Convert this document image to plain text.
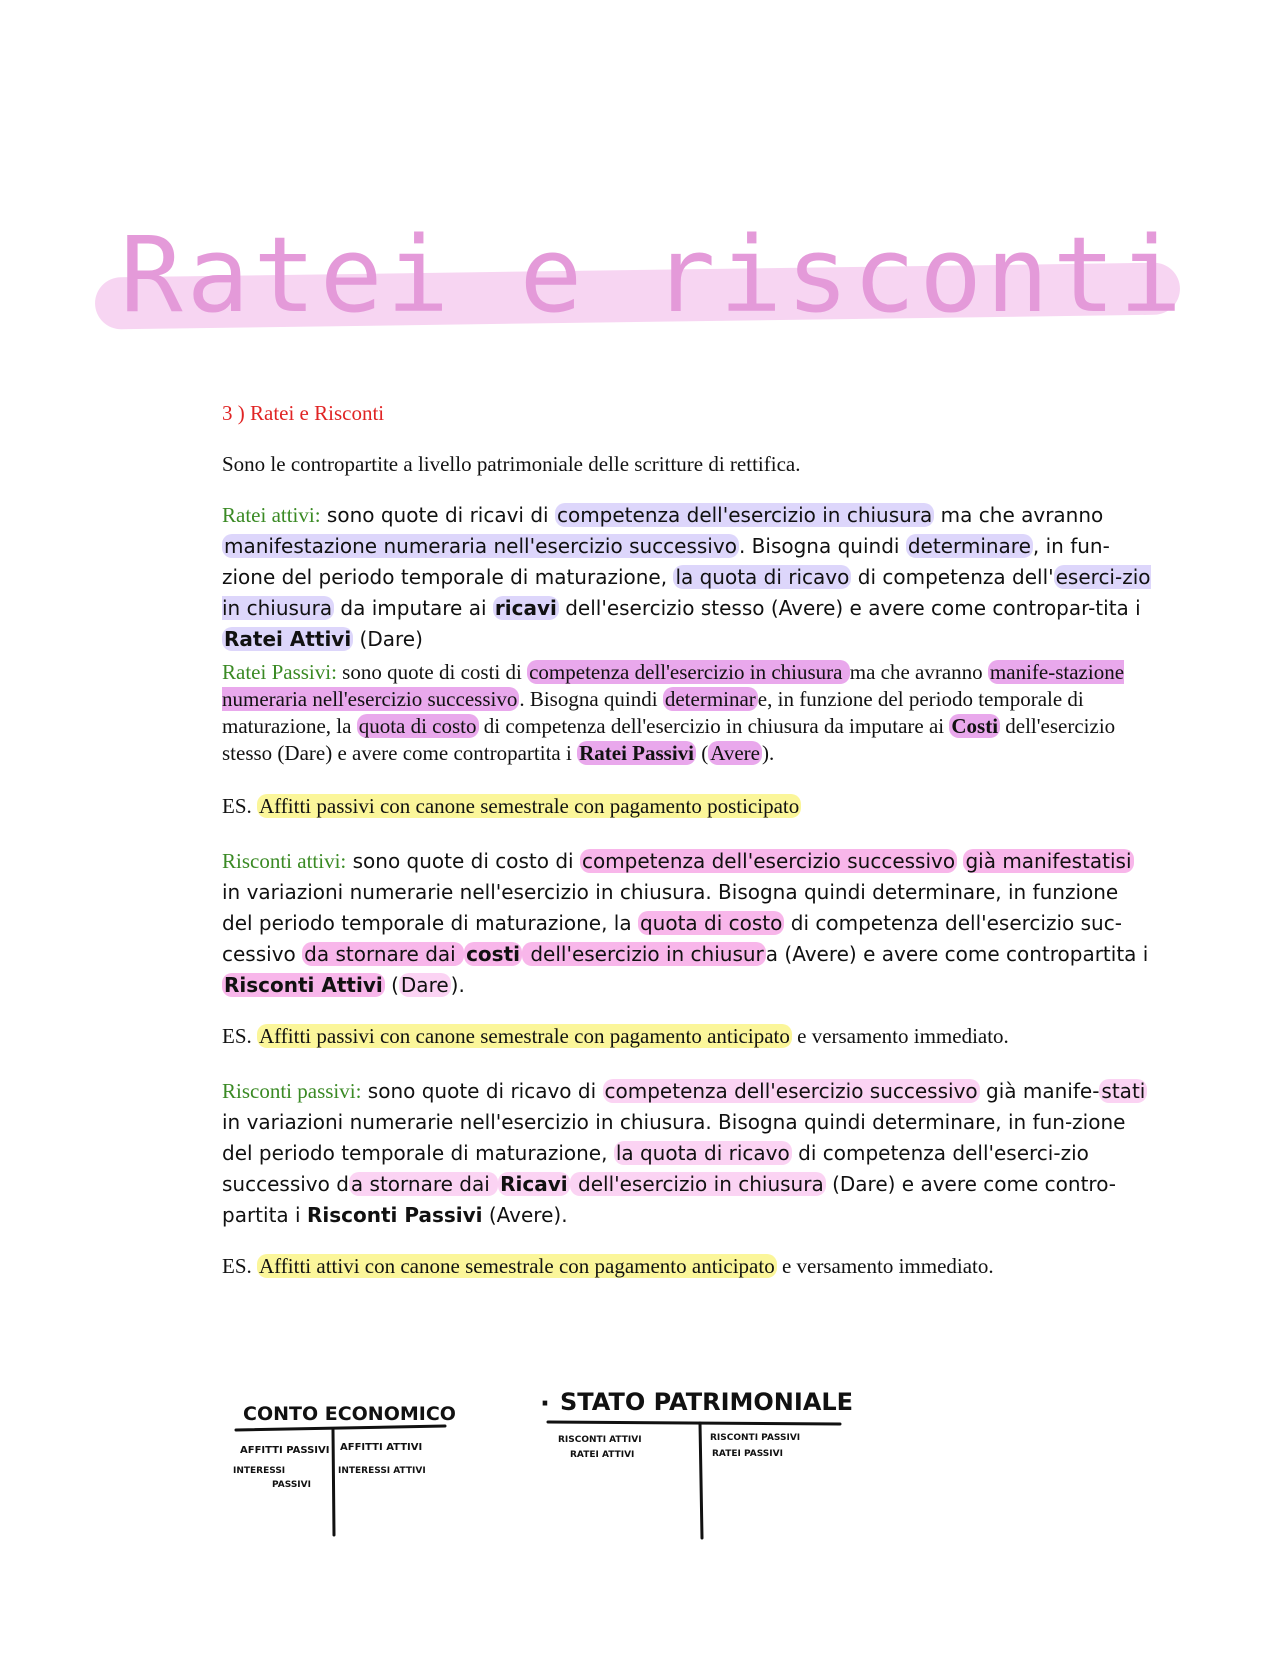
Ratei e risconti

3 ) Ratei e Risconti

Sono le contropartite a livello patrimoniale delle scritture di rettifica.

Ratei attivi: sono quote di ricavi di competenza dell'esercizio in chiusura ma che avranno manifestazione numeraria nell'esercizio successivo . Bisogna quindi determinare , in fun-zione del periodo temporale di maturazione, la quota di ricavo di competenza dell' eserci-zio in chiusura da imputare ai ricavi dell'esercizio stesso (Avere) e avere come contropar-tita i Ratei Attivi (Dare)

Ratei Passivi: sono quote di costi di competenza dell'esercizio in chiusura ma che avranno manife-stazione numeraria nell'esercizio successivo. Bisogna quindi determinare, in funzione del periodo temporale di maturazione, la quota di costo di competenza dell'esercizio in chiusura da imputare ai Costi dell'esercizio stesso (Dare) e avere come contropartita i Ratei Passivi (Avere).

ES. Affitti passivi con canone semestrale con pagamento posticipato

Risconti attivi: sono quote di costo di competenza dell'esercizio successivo già manifestatisi in variazioni numerarie nell'esercizio in chiusura. Bisogna quindi determinare, in funzione del periodo temporale di maturazione, la quota di costo di competenza dell'esercizio suc-cessivo da stornare dai costi dell'esercizio in chiusur a (Avere) e avere come contropartita i Risconti Attivi ( Dare ).

ES. Affitti passivi con canone semestrale con pagamento anticipato e versamento immediato.

Risconti passivi: sono quote di ricavo di competenza dell'esercizio successivo già manife- stati in variazioni numerarie nell'esercizio in chiusura. Bisogna quindi determinare, in fun-zione del periodo temporale di maturazione, la quota di ricavo di competenza dell'eserci-zio successivo d a stornare dai Ricavi dell'esercizio in chiusura (Dare) e avere come contro-partita i Risconti Passivi (Avere).

ES. Affitti attivi con canone semestrale con pagamento anticipato e versamento immediato.

CONTO ECONOMICO
AFFITTI PASSIVI
INTERESSI
PASSIVI
AFFITTI ATTIVI
INTERESSI ATTIVI
· STATO PATRIMONIALE
RISCONTI ATTIVI
RATEI ATTIVI
RISCONTI PASSIVI
RATEI PASSIVI
